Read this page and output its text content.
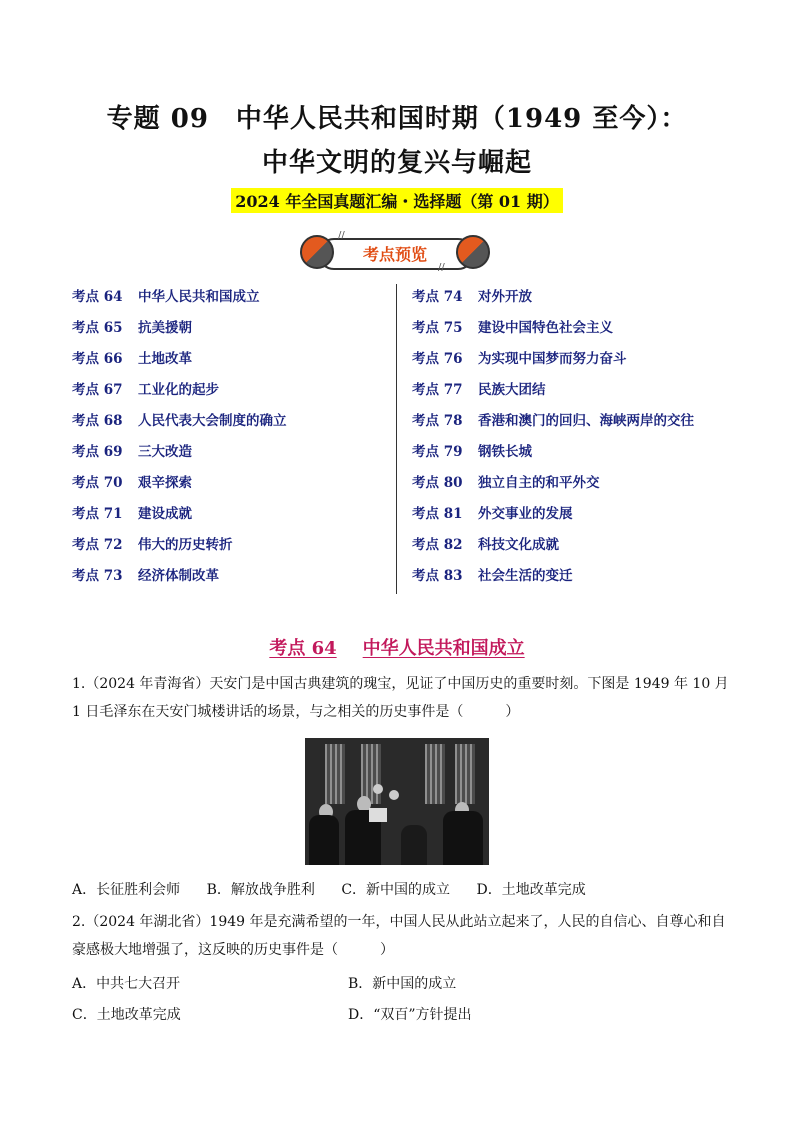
专题 09　中华人民共和国时期（1949 至今）：
中华文明的复兴与崛起
2024 年全国真题汇编・选择题（第 01 期）
//
//
考点预览
考点 64 中华人民共和国成立
考点 65 抗美援朝
考点 66 土地改革
考点 67 工业化的起步
考点 68 人民代表大会制度的确立
考点 69 三大改造
考点 70 艰辛探索
考点 71 建设成就
考点 72 伟大的历史转折
考点 73 经济体制改革
考点 74 对外开放
考点 75 建设中国特色社会主义
考点 76 为实现中国梦而努力奋斗
考点 77 民族大团结
考点 78 香港和澳门的回归、海峡两岸的交往
考点 79 钢铁长城
考点 80 独立自主的和平外交
考点 81 外交事业的发展
考点 82 科技文化成就
考点 83 社会生活的变迁
考点 64 中华人民共和国成立
1.（2024 年青海省）天安门是中国古典建筑的瑰宝，见证了中国历史的重要时刻。下图是 1949 年 10 月 1 日毛泽东在天安门城楼讲话的场景，与之相关的历史事件是（　　　）
A．长征胜利会师 B．解放战争胜利 C．新中国的成立 D．土地改革完成
2.（2024 年湖北省）1949 年是充满希望的一年，中国人民从此站立起来了，人民的自信心、自尊心和自豪感极大地增强了，这反映的历史事件是（　　　）
A．中共七大召开	B．新中国的成立
C．土地改革完成	D．“双百”方针提出
